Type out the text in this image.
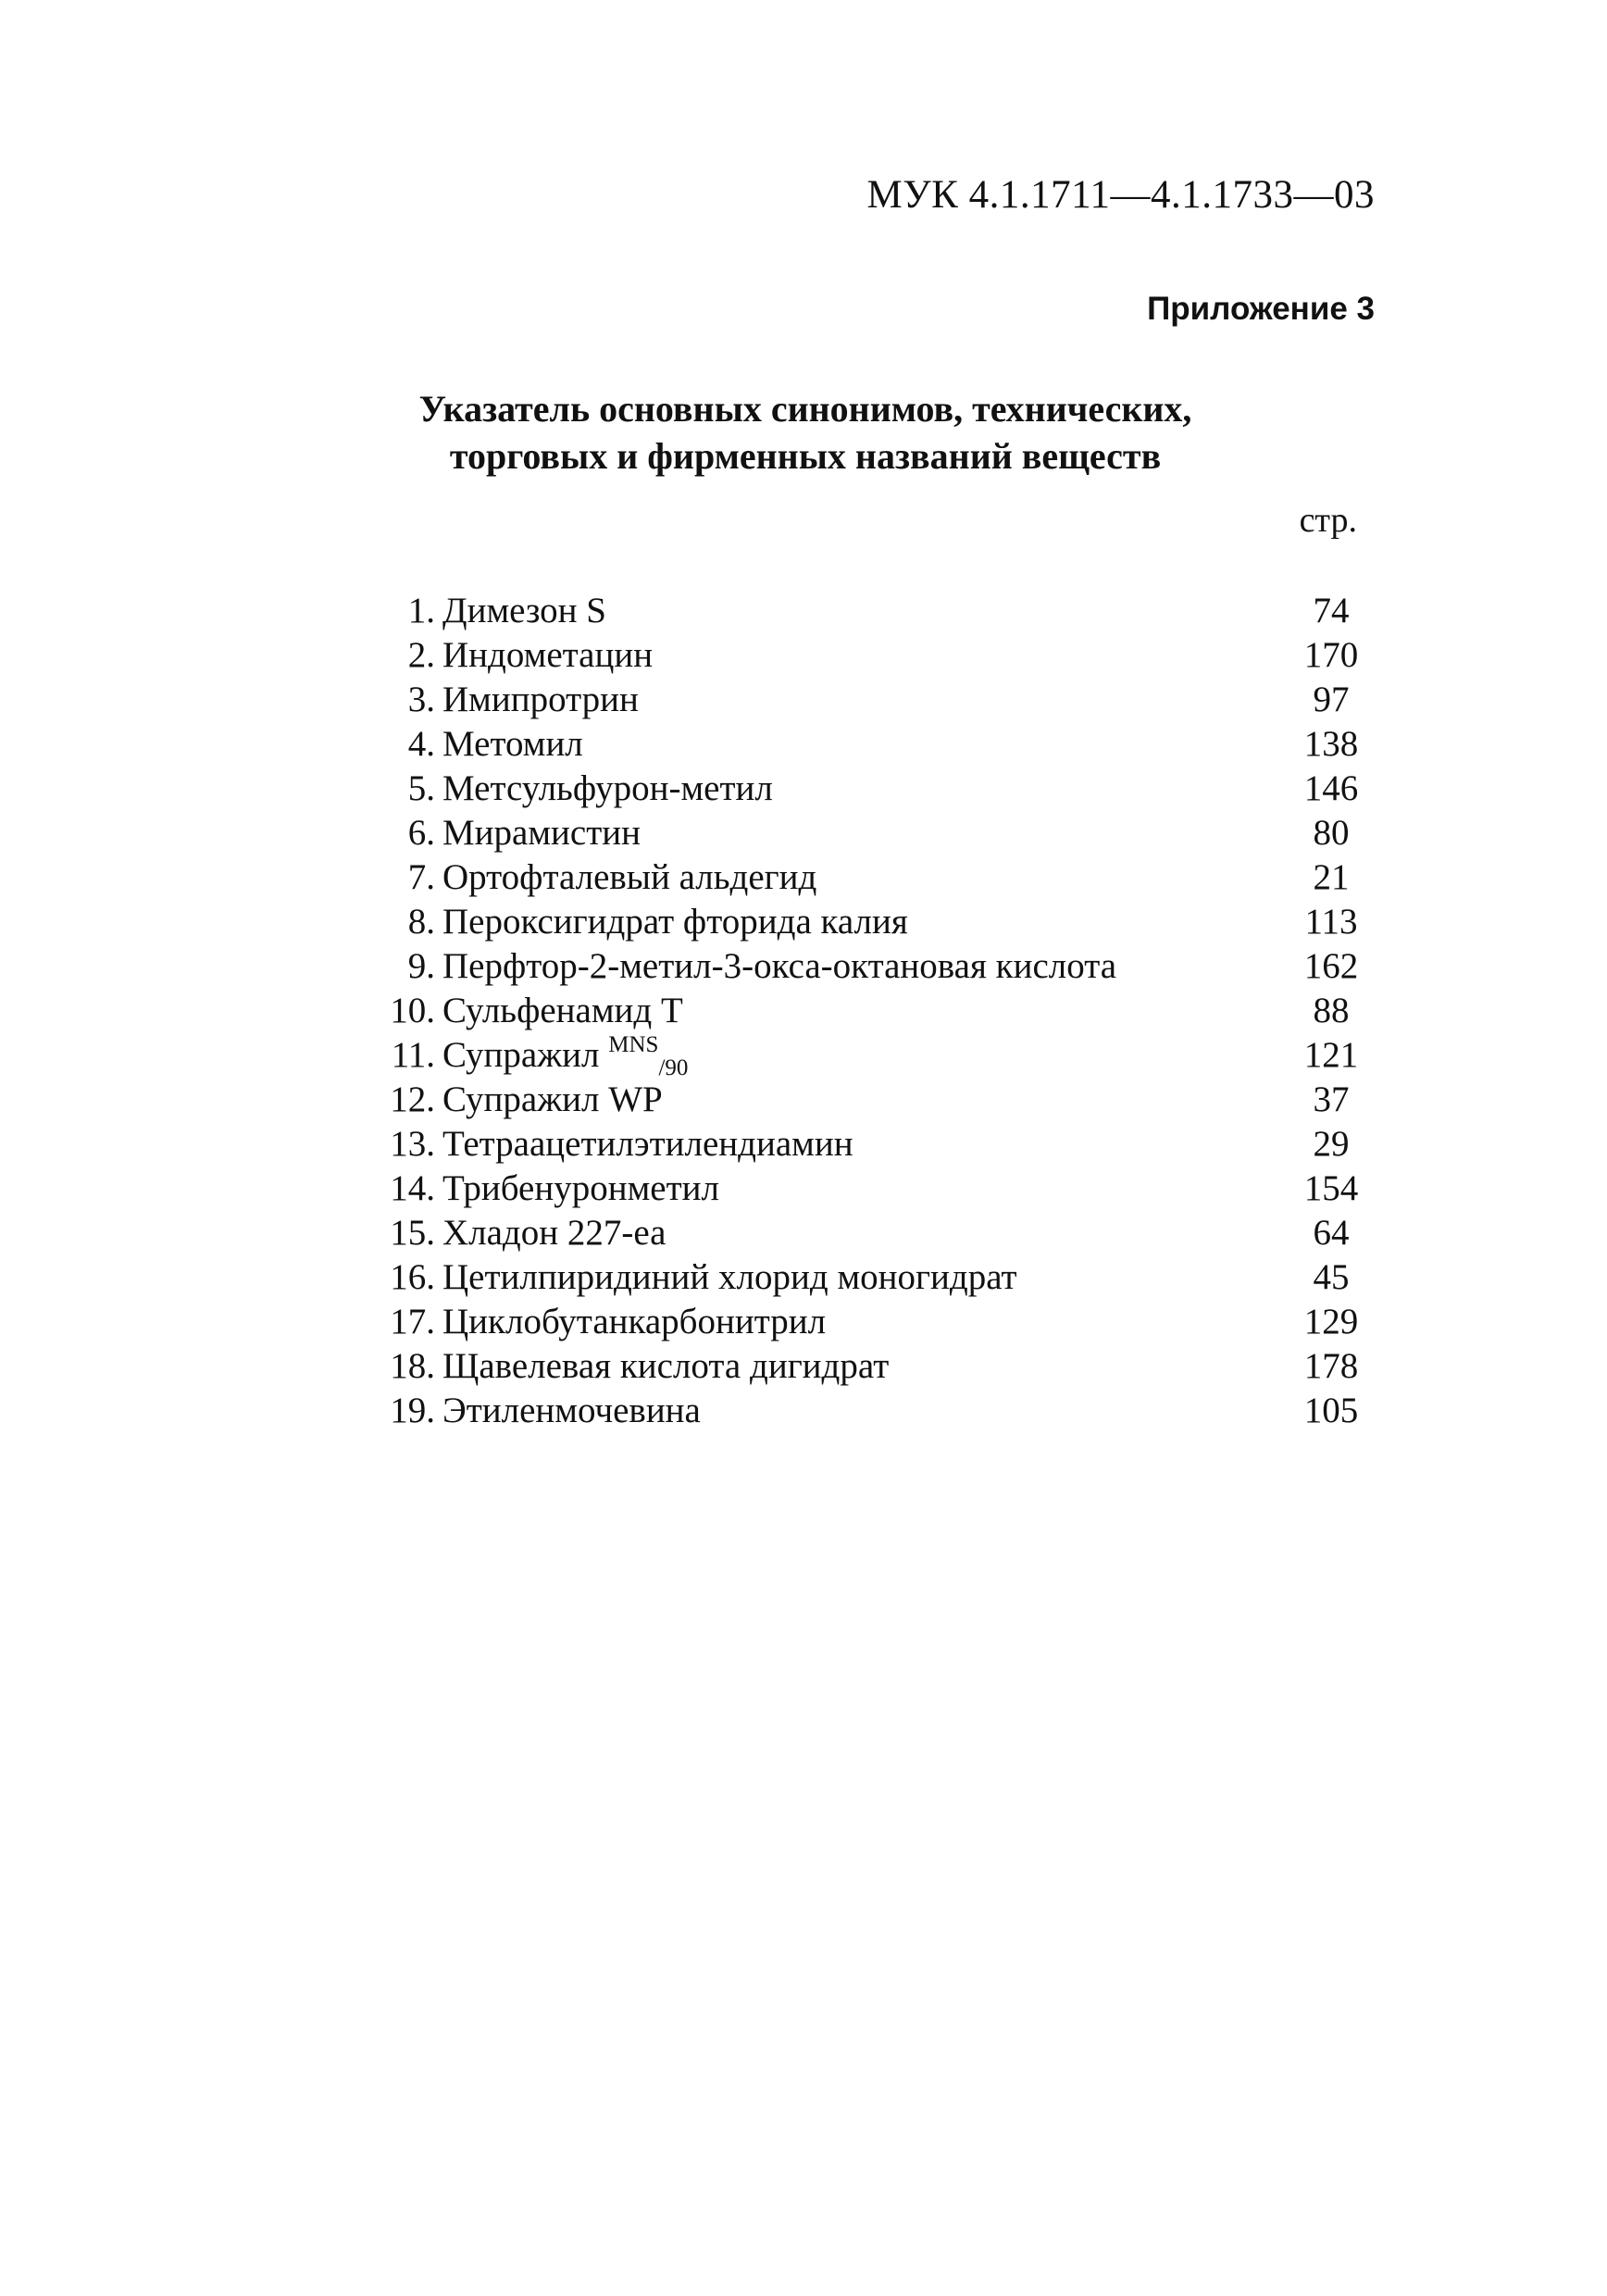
МУК 4.1.1711—4.1.1733—03
Приложение 3
Указатель основных синонимов, технических,
торговых и фирменных названий веществ
стр.
1. Димезон S	74
2. Индометацин	170
3. Имипротрин	97
4. Метомил	138
5. Метсульфурон-метил	146
6. Мирамистин	80
7. Ортофталевый альдегид	21
8. Пероксигидрат фторида калия	113
9. Перфтор-2-метил-3-окса-октановая кислота	162
10. Сульфенамид Т	88
11. Супражил $^{MNS}_{/90}$	121
12. Супражил WP	37
13. Тетраацетилэтилендиамин	29
14. Трибенуронметил	154
15. Хладон 227-еа	64
16. Цетилпиридиний хлорид моногидрат	45
17. Циклобутанкарбонитрил	129
18. Щавелевая кислота дигидрат	178
19. Этиленмочевина	105
